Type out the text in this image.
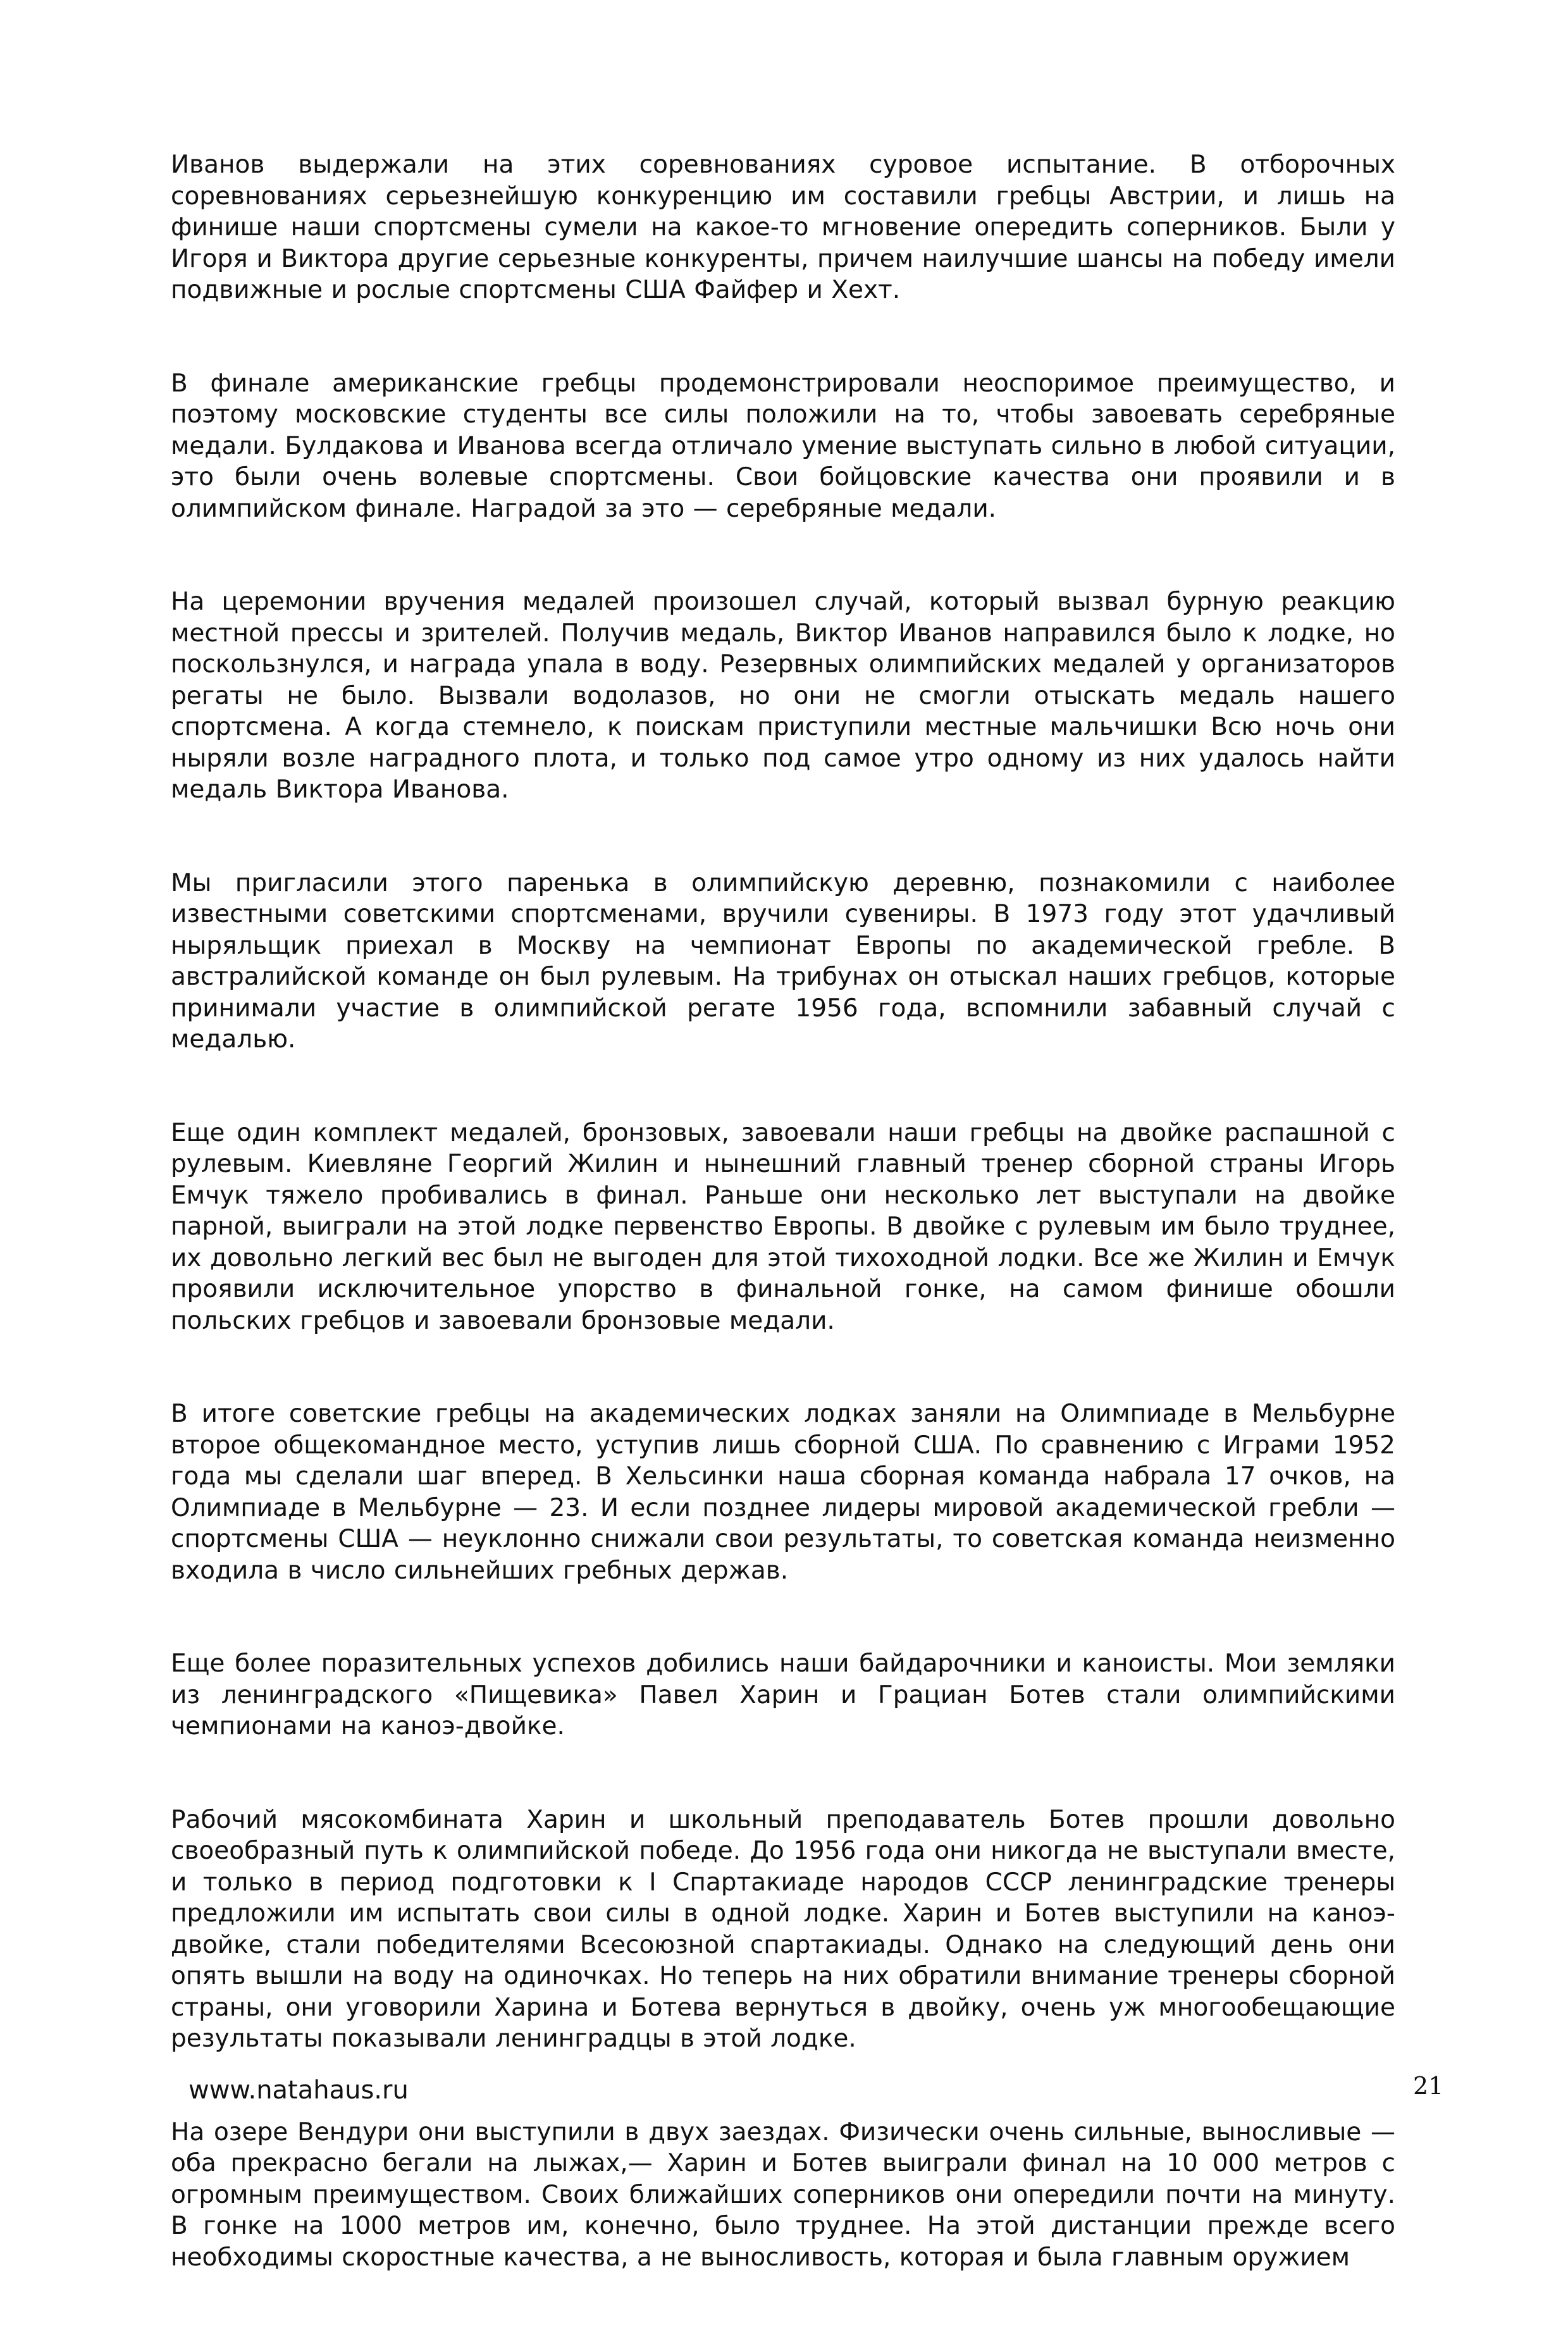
Иванов выдержали на этих соревнованиях суровое испытание. В отборочных соревнованиях серьезнейшую конкуренцию им составили гребцы Австрии, и лишь на финише наши спортсмены сумели на какое-то мгновение опередить соперников. Были у Игоря и Виктора другие серьезные конкуренты, причем наилучшие шансы на победу имели подвижные и рослые спортсмены США Файфер и Хехт.

В финале американские гребцы продемонстрировали неоспоримое преимущество, и поэтому московские студенты все силы положили на то, чтобы завоевать серебряные медали. Булдакова и Иванова всегда отличало умение выступать сильно в любой ситуации, это были очень волевые спортсмены. Свои бойцовские качества они проявили и в олимпийском финале. Наградой за это — серебряные медали.

На церемонии вручения медалей произошел случай, который вызвал бурную реакцию местной прессы и зрителей. Получив медаль, Виктор Иванов направился было к лодке, но поскользнулся, и награда упала в воду. Резервных олимпийских медалей у организаторов регаты не было. Вызвали водолазов, но они не смогли отыскать медаль нашего спортсмена. А когда стемнело, к поискам приступили местные мальчишки Всю ночь они ныряли возле наградного плота, и только под самое утро одному из них удалось найти медаль Виктора Иванова.

Мы пригласили этого паренька в олимпийскую деревню, познакомили с наиболее известными советскими спортсменами, вручили сувениры. В 1973 году этот удачливый ныряльщик приехал в Москву на чемпионат Европы по академической гребле. В австралийской команде он был рулевым. На трибунах он отыскал наших гребцов, которые принимали участие в олимпийской регате 1956 года, вспомнили забавный случай с медалью.

Еще один комплект медалей, бронзовых, завоевали наши гребцы на двойке распашной с рулевым. Киевляне Георгий Жилин и нынешний главный тренер сборной страны Игорь Емчук тяжело пробивались в финал. Раньше они несколько лет выступали на двойке парной, выиграли на этой лодке первенство Европы. В двойке с рулевым им было труднее, их довольно легкий вес был не выгоден для этой тихоходной лодки. Все же Жилин и Емчук проявили исключительное упорство в финальной гонке, на самом финише обошли польских гребцов и завоевали бронзовые медали.

В итоге советские гребцы на академических лодках заняли на Олимпиаде в Мельбурне второе общекомандное место, уступив лишь сборной США. По сравнению с Играми 1952 года мы сделали шаг вперед. В Хельсинки наша сборная команда набрала 17 очков, на Олимпиаде в Мельбурне — 23. И если позднее лидеры мировой академической гребли — спортсмены США — неуклонно снижали свои результаты, то советская команда неизменно входила в число сильнейших гребных держав.

Еще более поразительных успехов добились наши байдарочники и каноисты. Мои земляки из ленинградского «Пищевика» Павел Харин и Грациан Ботев стали олимпийскими чемпионами на каноэ-двойке.

Рабочий мясокомбината Харин и школьный преподаватель Ботев прошли довольно своеобразный путь к олимпийской победе. До 1956 года они никогда не выступали вместе, и только в период подготовки к I Спартакиаде народов СССР ленинградские тренеры предложили им испытать свои силы в одной лодке. Харин и Ботев выступили на каноэ-двойке, стали победителями Всесоюзной спартакиады. Однако на следующий день они опять вышли на воду на одиночках. Но теперь на них обратили внимание тренеры сборной страны, они уговорили Харина и Ботева вернуться в двойку, очень уж многообещающие результаты показывали ленинградцы в этой лодке.

На озере Вендури они выступили в двух заездах. Физически очень сильные, выносливые — оба прекрасно бегали на лыжах,— Харин и Ботев выиграли финал на 10 000 метров с огромным преимуществом. Своих ближайших соперников они опередили почти на минуту. В гонке на 1000 метров им, конечно, было труднее. На этой дистанции прежде всего необходимы скоростные качества, а не выносливость, которая и была главным оружием

www.natahaus.ru	21
